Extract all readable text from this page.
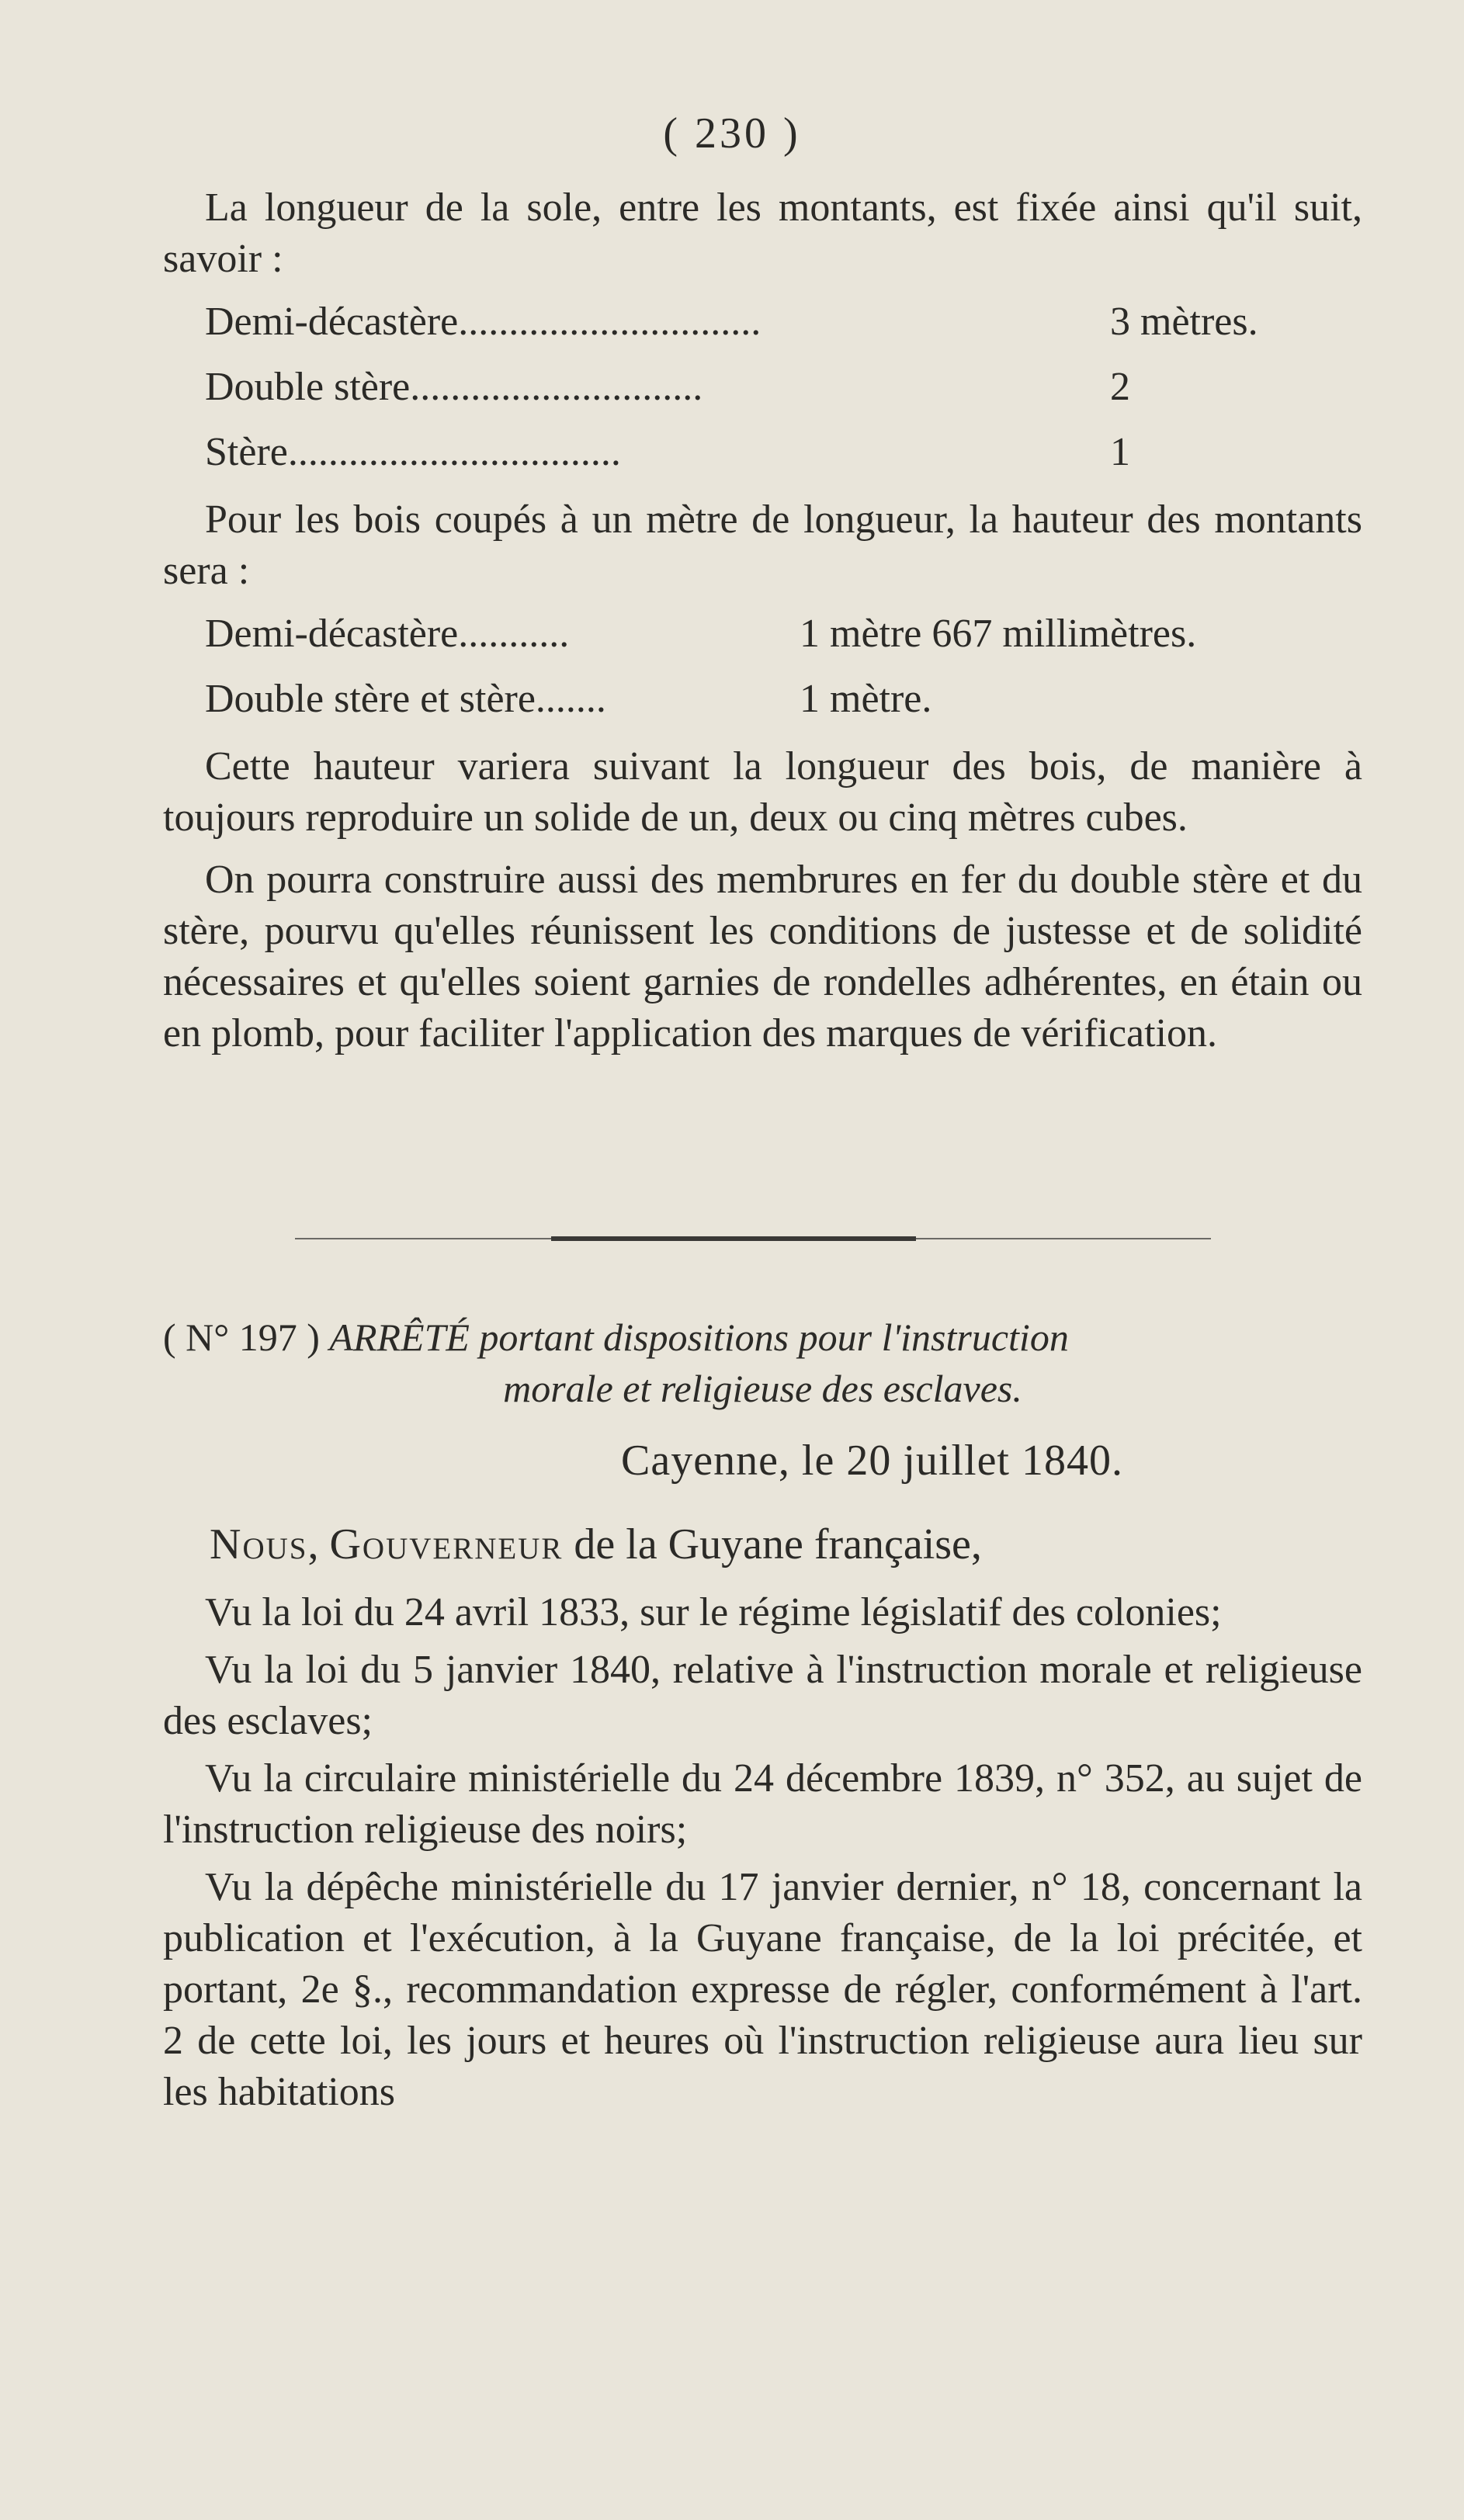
( 230 )

La longueur de la sole, entre les montants, est fixée ainsi qu'il suit, savoir :

Demi-décastère..............................	3 mètres.
Double stère.............................	2
Stère.................................	1

Pour les bois coupés à un mètre de longueur, la hauteur des montants sera :

Demi-décastère...........	1 mètre 667 millimètres.
Double stère et stère.......	1 mètre.

Cette hauteur variera suivant la longueur des bois, de manière à toujours reproduire un solide de un, deux ou cinq mètres cubes.

On pourra construire aussi des membrures en fer du double stère et du stère, pourvu qu'elles réunissent les conditions de justesse et de solidité nécessaires et qu'elles soient garnies de rondelles adhérentes, en étain ou en plomb, pour faciliter l'application des marques de vérification.

( N° 197 ) ARRÊTÉ portant dispositions pour l'instruction
morale et religieuse des esclaves.
Cayenne, le 20 juillet 1840.
Nous, Gouverneur de la Guyane française,

Vu la loi du 24 avril 1833, sur le régime législatif des colonies;

Vu la loi du 5 janvier 1840, relative à l'instruction morale et religieuse des esclaves;

Vu la circulaire ministérielle du 24 décembre 1839, n° 352, au sujet de l'instruction religieuse des noirs;

Vu la dépêche ministérielle du 17 janvier dernier, n° 18, concernant la publication et l'exécution, à la Guyane française, de la loi précitée, et portant, 2e §., recommandation expresse de régler, conformément à l'art. 2 de cette loi, les jours et heures où l'instruction religieuse aura lieu sur les habitations
